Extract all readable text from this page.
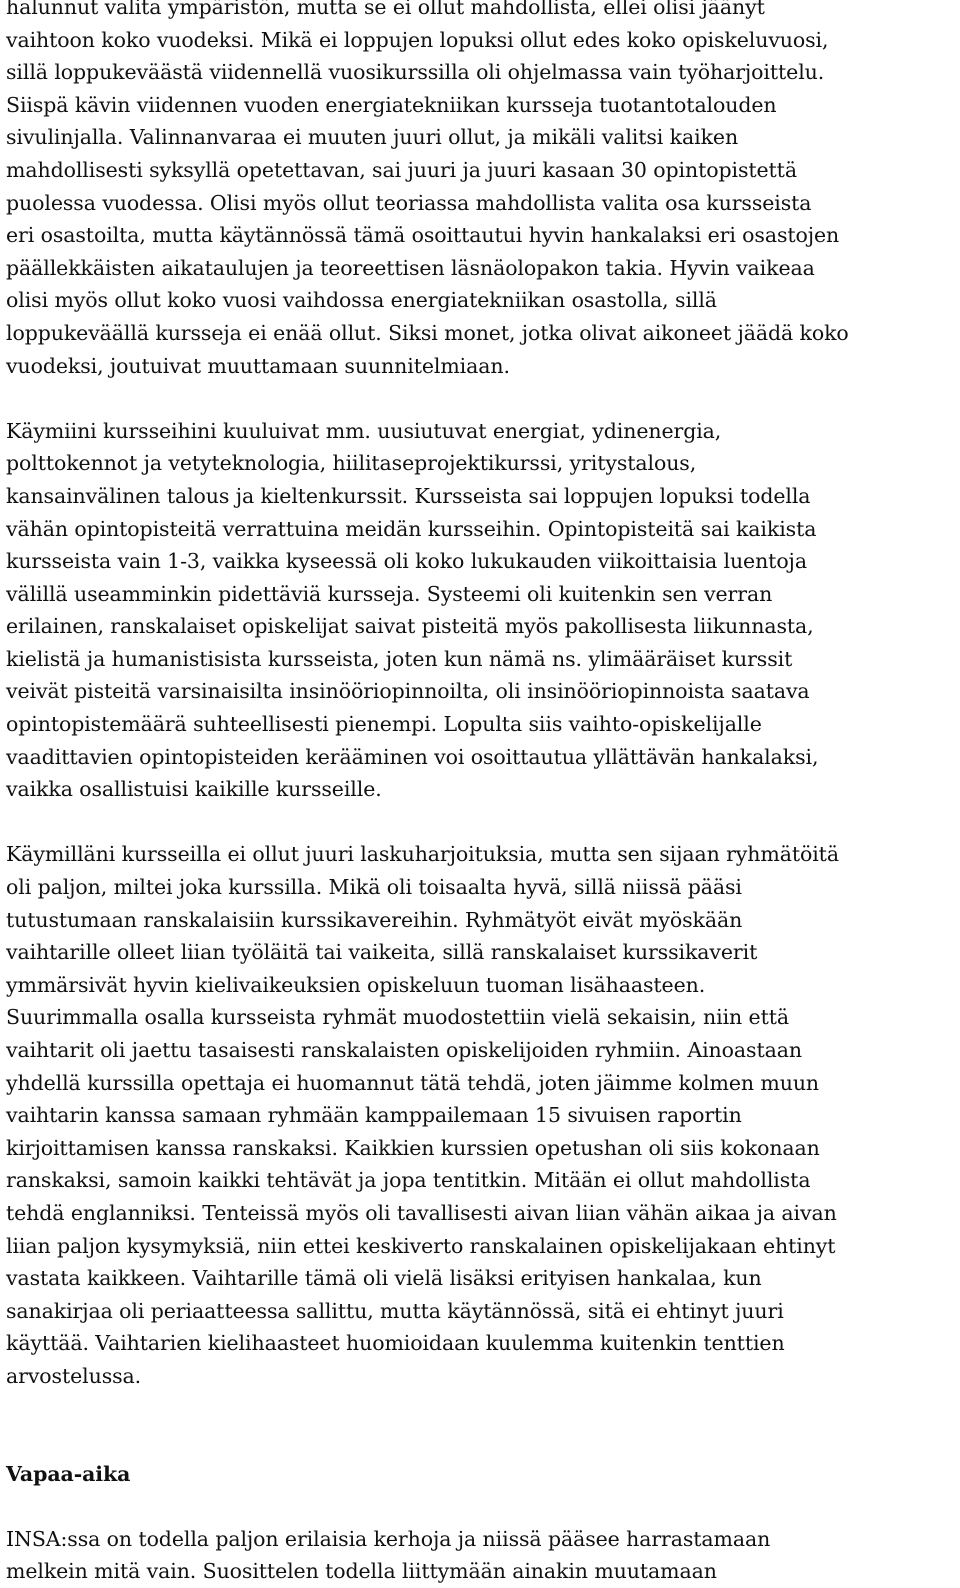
halunnut valita ympäristön, mutta se ei ollut mahdollista, ellei olisi jäänyt
vaihtoon koko vuodeksi. Mikä ei loppujen lopuksi ollut edes koko opiskeluvuosi,
sillä loppukeväästä viidennellä vuosikurssilla oli ohjelmassa vain työharjoittelu.
Siispä kävin viidennen vuoden energiatekniikan kursseja tuotantotalouden
sivulinjalla. Valinnanvaraa ei muuten juuri ollut, ja mikäli valitsi kaiken
mahdollisesti syksyllä opetettavan, sai juuri ja juuri kasaan 30 opintopistettä
puolessa vuodessa. Olisi myös ollut teoriassa mahdollista valita osa kursseista
eri osastoilta, mutta käytännössä tämä osoittautui hyvin hankalaksi eri osastojen
päällekkäisten aikataulujen ja teoreettisen läsnäolopakon takia. Hyvin vaikeaa
olisi myös ollut koko vuosi vaihdossa energiatekniikan osastolla, sillä
loppukeväällä kursseja ei enää ollut. Siksi monet, jotka olivat aikoneet jäädä koko
vuodeksi, joutuivat muuttamaan suunnitelmiaan.
Käymiini kursseihini kuuluivat mm. uusiutuvat energiat, ydinenergia,
polttokennot ja vetyteknologia, hiilitaseprojektikurssi, yritystalous,
kansainvälinen talous ja kieltenkurssit. Kursseista sai loppujen lopuksi todella
vähän opintopisteitä verrattuina meidän kursseihin. Opintopisteitä sai kaikista
kursseista vain 1-3, vaikka kyseessä oli koko lukukauden viikoittaisia luentoja
välillä useamminkin pidettäviä kursseja. Systeemi oli kuitenkin sen verran
erilainen, ranskalaiset opiskelijat saivat pisteitä myös pakollisesta liikunnasta,
kielistä ja humanistisista kursseista, joten kun nämä ns. ylimääräiset kurssit
veivät pisteitä varsinaisilta insinööriopinnoilta, oli insinööriopinnoista saatava
opintopistemäärä suhteellisesti pienempi. Lopulta siis vaihto-opiskelijalle
vaadittavien opintopisteiden kerääminen voi osoittautua yllättävän hankalaksi,
vaikka osallistuisi kaikille kursseille.
Käymilläni kursseilla ei ollut juuri laskuharjoituksia, mutta sen sijaan ryhmätöitä
oli paljon, miltei joka kurssilla. Mikä oli toisaalta hyvä, sillä niissä pääsi
tutustumaan ranskalaisiin kurssikavereihin. Ryhmätyöt eivät myöskään
vaihtarille olleet liian työläitä tai vaikeita, sillä ranskalaiset kurssikaverit
ymmärsivät hyvin kielivaikeuksien opiskeluun tuoman lisähaasteen.
Suurimmalla osalla kursseista ryhmät muodostettiin vielä sekaisin, niin että
vaihtarit oli jaettu tasaisesti ranskalaisten opiskelijoiden ryhmiin. Ainoastaan
yhdellä kurssilla opettaja ei huomannut tätä tehdä, joten jäimme kolmen muun
vaihtarin kanssa samaan ryhmään kamppailemaan 15 sivuisen raportin
kirjoittamisen kanssa ranskaksi. Kaikkien kurssien opetushan oli siis kokonaan
ranskaksi, samoin kaikki tehtävät ja jopa tentitkin. Mitään ei ollut mahdollista
tehdä englanniksi. Tenteissä myös oli tavallisesti aivan liian vähän aikaa ja aivan
liian paljon kysymyksiä, niin ettei keskiverto ranskalainen opiskelijakaan ehtinyt
vastata kaikkeen. Vaihtarille tämä oli vielä lisäksi erityisen hankalaa, kun
sanakirjaa oli periaatteessa sallittu, mutta käytännössä, sitä ei ehtinyt juuri
käyttää. Vaihtarien kielihaasteet huomioidaan kuulemma kuitenkin tenttien
arvostelussa.
Vapaa-aika
INSA:ssa on todella paljon erilaisia kerhoja ja niissä pääsee harrastamaan
melkein mitä vain. Suosittelen todella liittymään ainakin muutamaan
